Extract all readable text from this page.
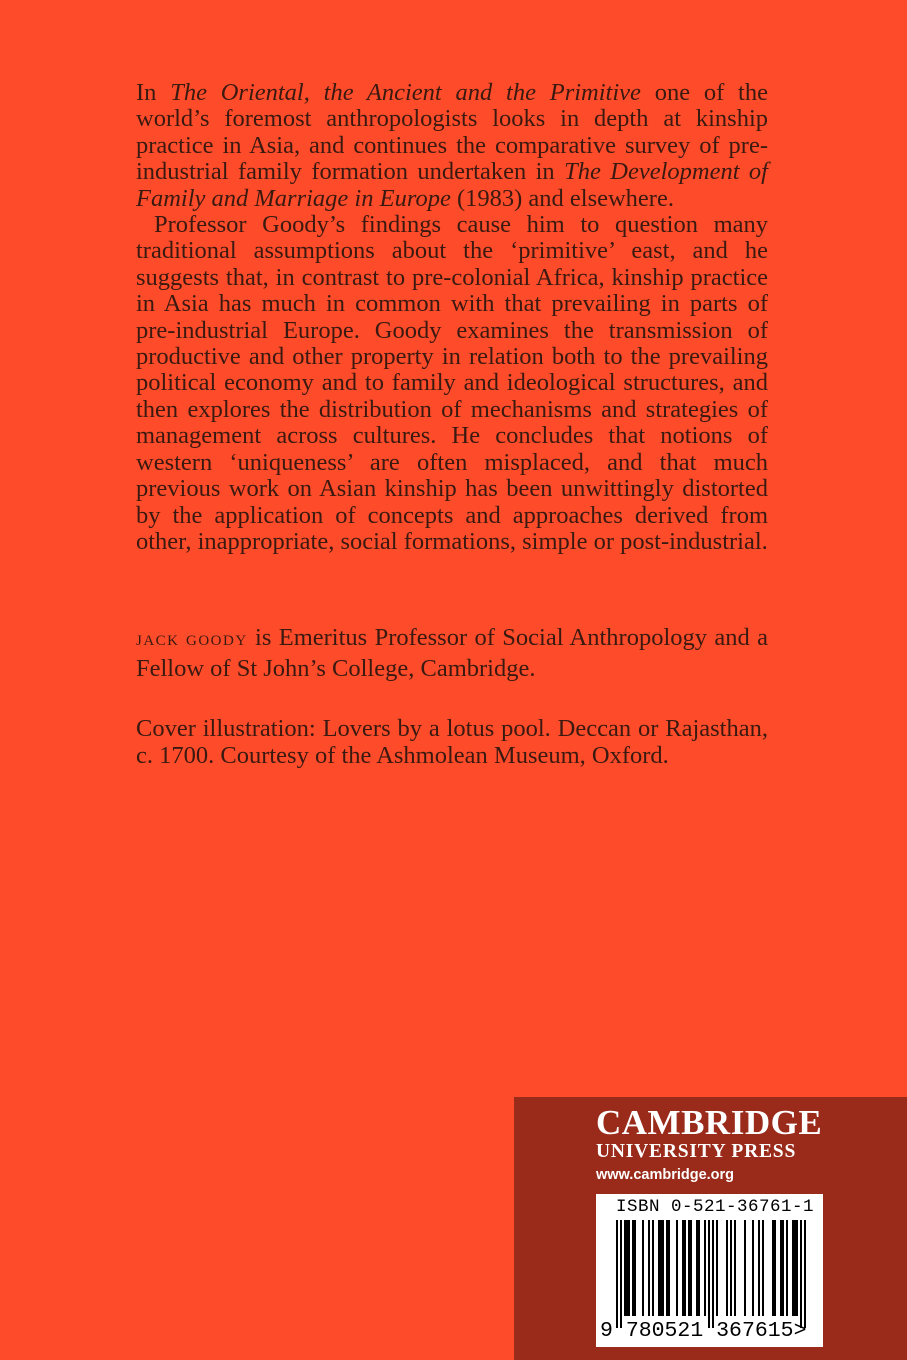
In The Oriental, the Ancient and the Primitive one of the world’s foremost anthropologists looks in depth at kinship practice in Asia, and continues the comparative survey of pre-industrial family formation undertaken in The Development of Family and Marriage in Europe (1983) and elsewhere.

Professor Goody’s findings cause him to question many traditional assumptions about the ‘primitive’ east, and he suggests that, in contrast to pre-colonial Africa, kinship practice in Asia has much in common with that prevailing in parts of pre-industrial Europe. Goody examines the transmission of productive and other property in relation both to the prevailing political economy and to family and ideological structures, and then explores the distribution of mechanisms and strategies of management across cultures. He concludes that notions of western ‘uniqueness’ are often misplaced, and that much previous work on Asian kinship has been unwittingly distorted by the application of concepts and approaches derived from other, inappropriate, social formations, simple or post-industrial.

JACK GOODY is Emeritus Professor of Social Anthropology and a Fellow of St John’s College, Cambridge.
Cover illustration: Lovers by a lotus pool. Deccan or Rajasthan, c. 1700. Courtesy of the Ashmolean Museum, Oxford.
CAMBRIDGE
UNIVERSITY PRESS
www.cambridge.org
ISBN 0-521-36761-1
9 780521 367615>
